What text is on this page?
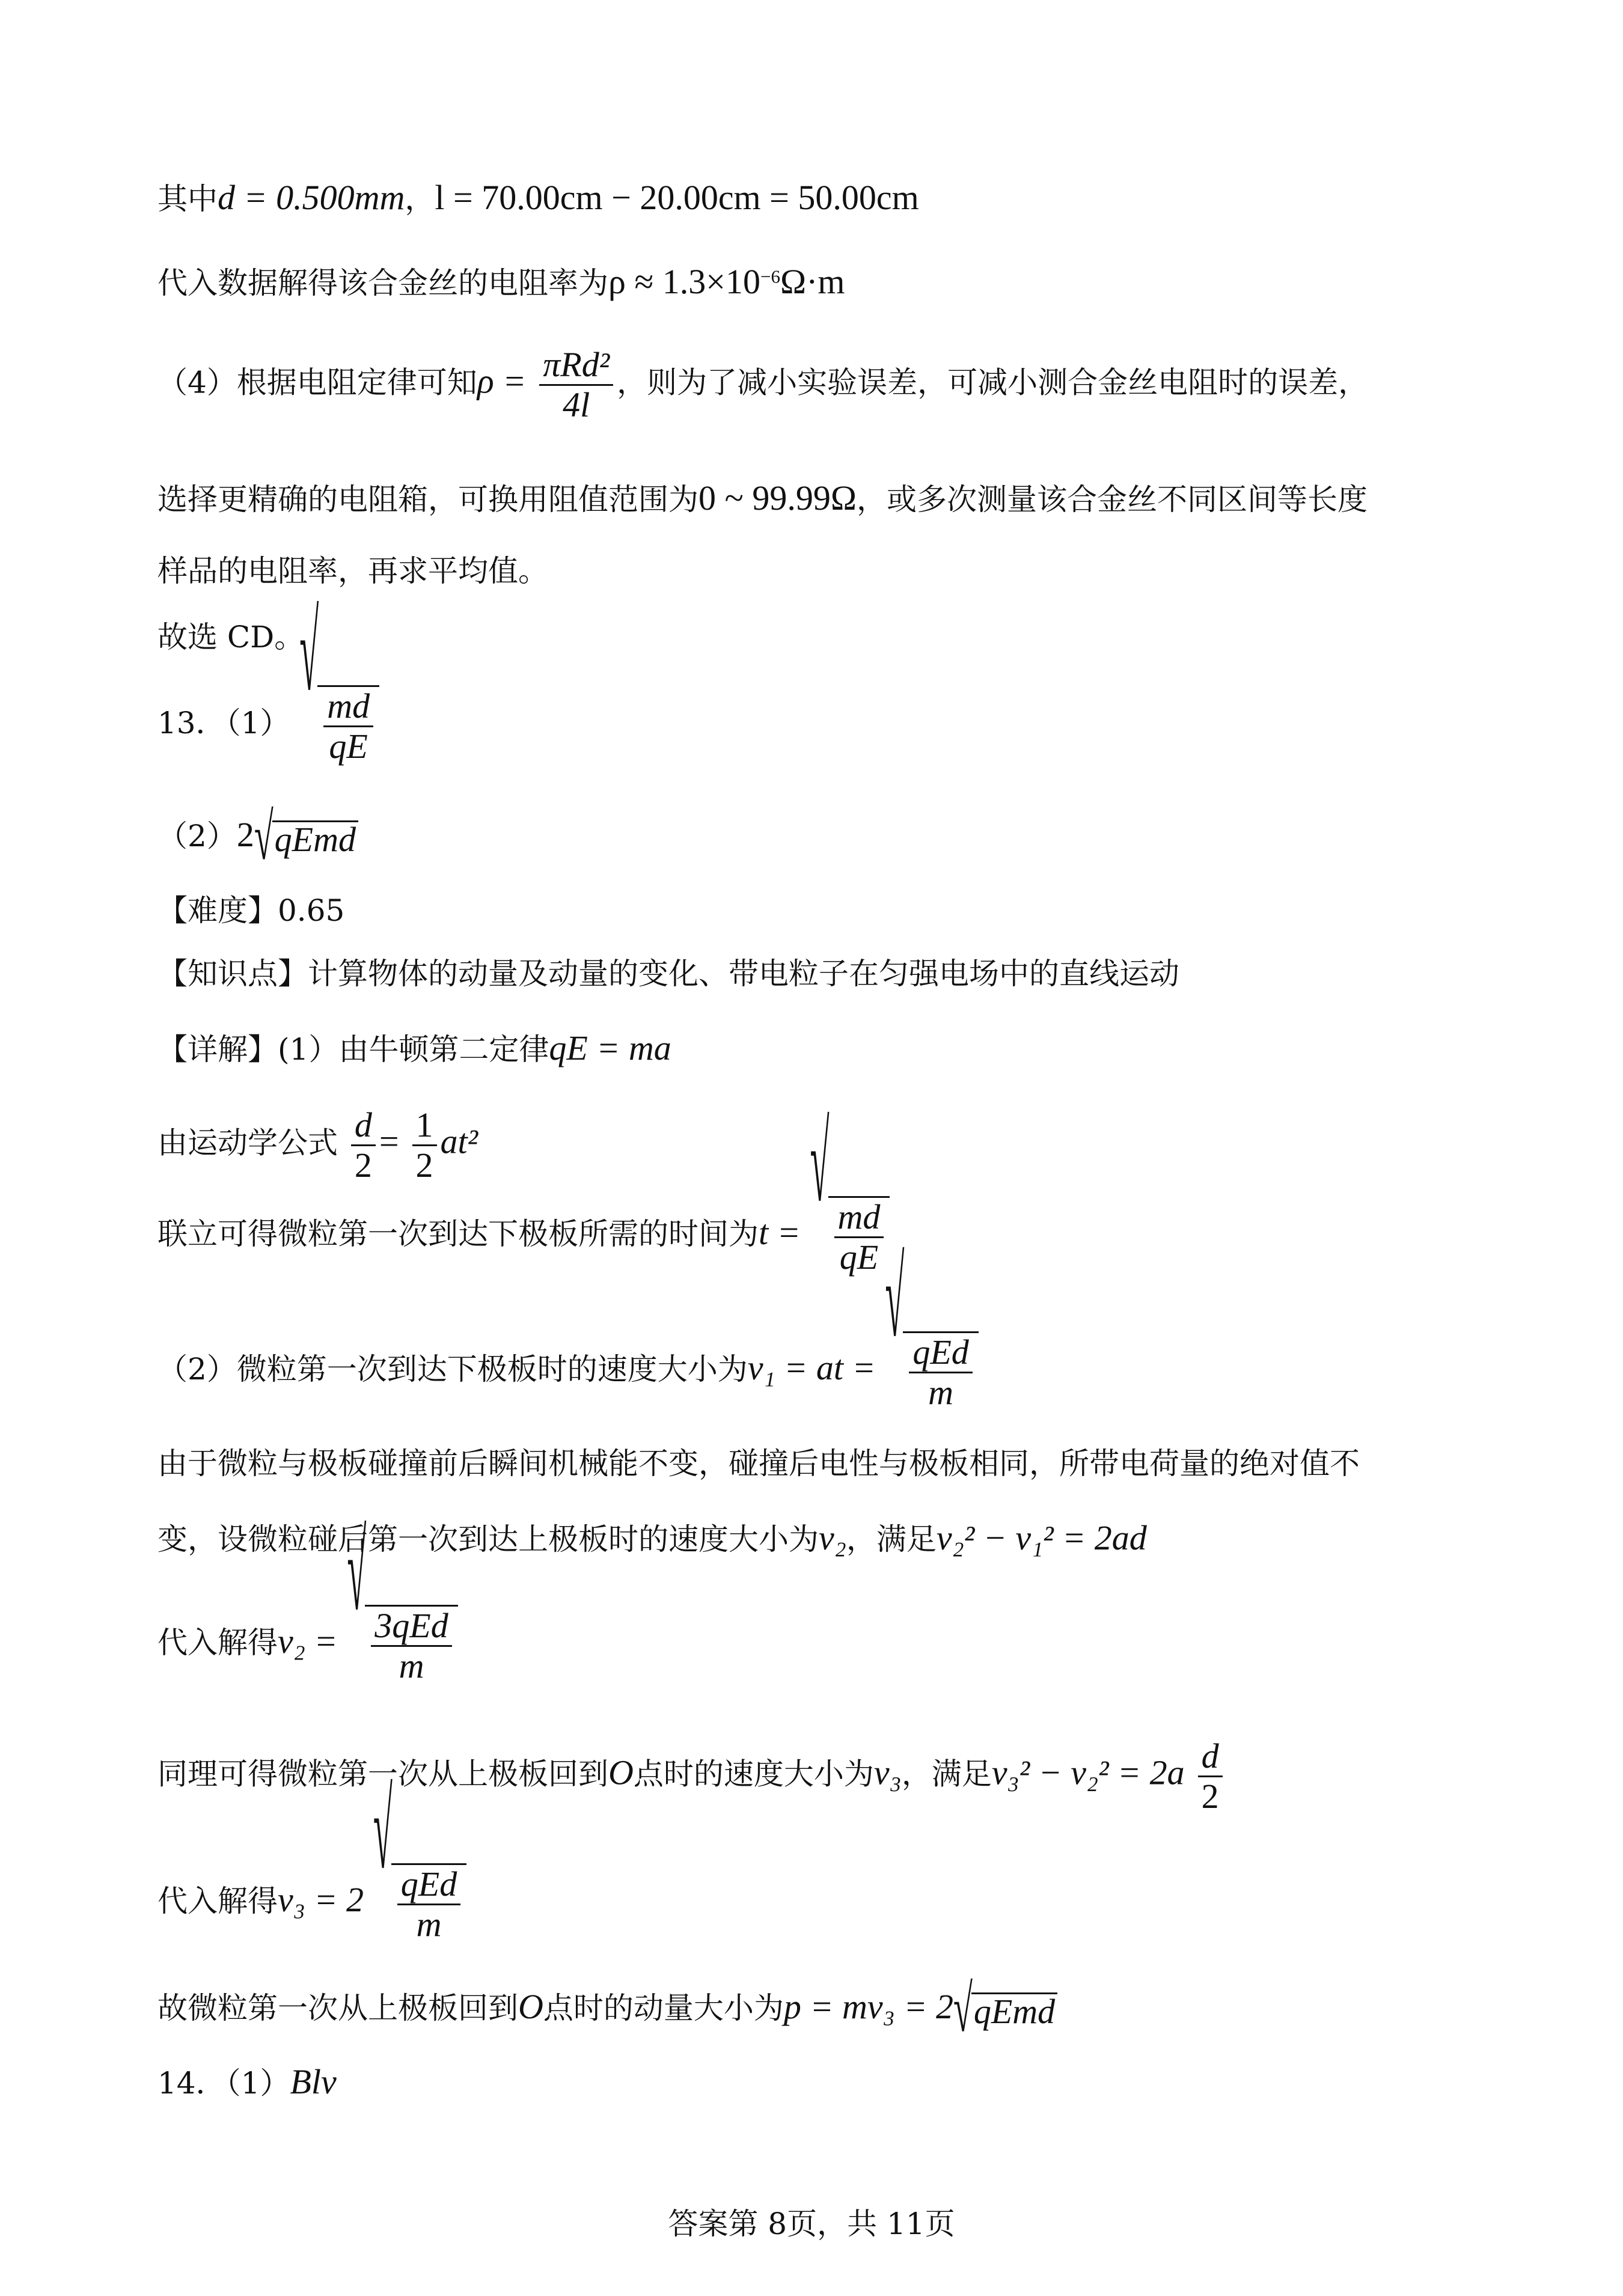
其中d = 0.500mm，l = 70.00cm − 20.00cm = 50.00cm
代入数据解得该合金丝的电阻率为$\rho \approx 1.3\times 10^{-6}\Omega\cdot m$
（4）根据电阻定律可知$\rho = \frac{\text{πRd²}}{4l}$ ，则为了减小实验误差，可减小测合金丝电阻时的误差，
选择更精确的电阻箱，可换用阻值范围为0 ~ 99.99Ω，或多次测量该合金丝不同区间等长度
样品的电阻率，再求平均值。
故选 CD。
13．（1）
√
$\frac{md}{qE}$
（2）2 √ qEmd
【难度】0.65
【知识点】计算物体的动量及动量的变化、带电粒子在匀强电场中的直线运动
【详解】(1）由牛顿第二定律qE = ma
由运动学公式 $\frac{d}{2} = \frac{1}{2} at^2$
联立可得微粒第一次到达下极板所需的时间为t =
√
$\frac{md}{qE}$
（2）微粒第一次到达下极板时的速度大小为v₁ = at =
√
$\frac{\text{qEd}}{m}$
由于微粒与极板碰撞前后瞬间机械能不变，碰撞后电性与极板相同，所带电荷量的绝对值不
变，设微粒碰后第一次到达上极板时的速度大小为v₂，满足v₂² − v₁² = 2ad
代入解得v₂ =
√
$\frac{\text{3qEd}}{m}$
同理可得微粒第一次从上极板回到O点时的速度大小为v₃，满足$v_3^2 - v_2^2 = 2a \frac{d}{2}$
代入解得v₃ = 2
√
$\frac{\text{qEd}}{m}$
故微粒第一次从上极板回到O点时的动量大小为p = mv₃ = 2 √ qEmd
14．（1）Blv
答案第 8页，共 11页
